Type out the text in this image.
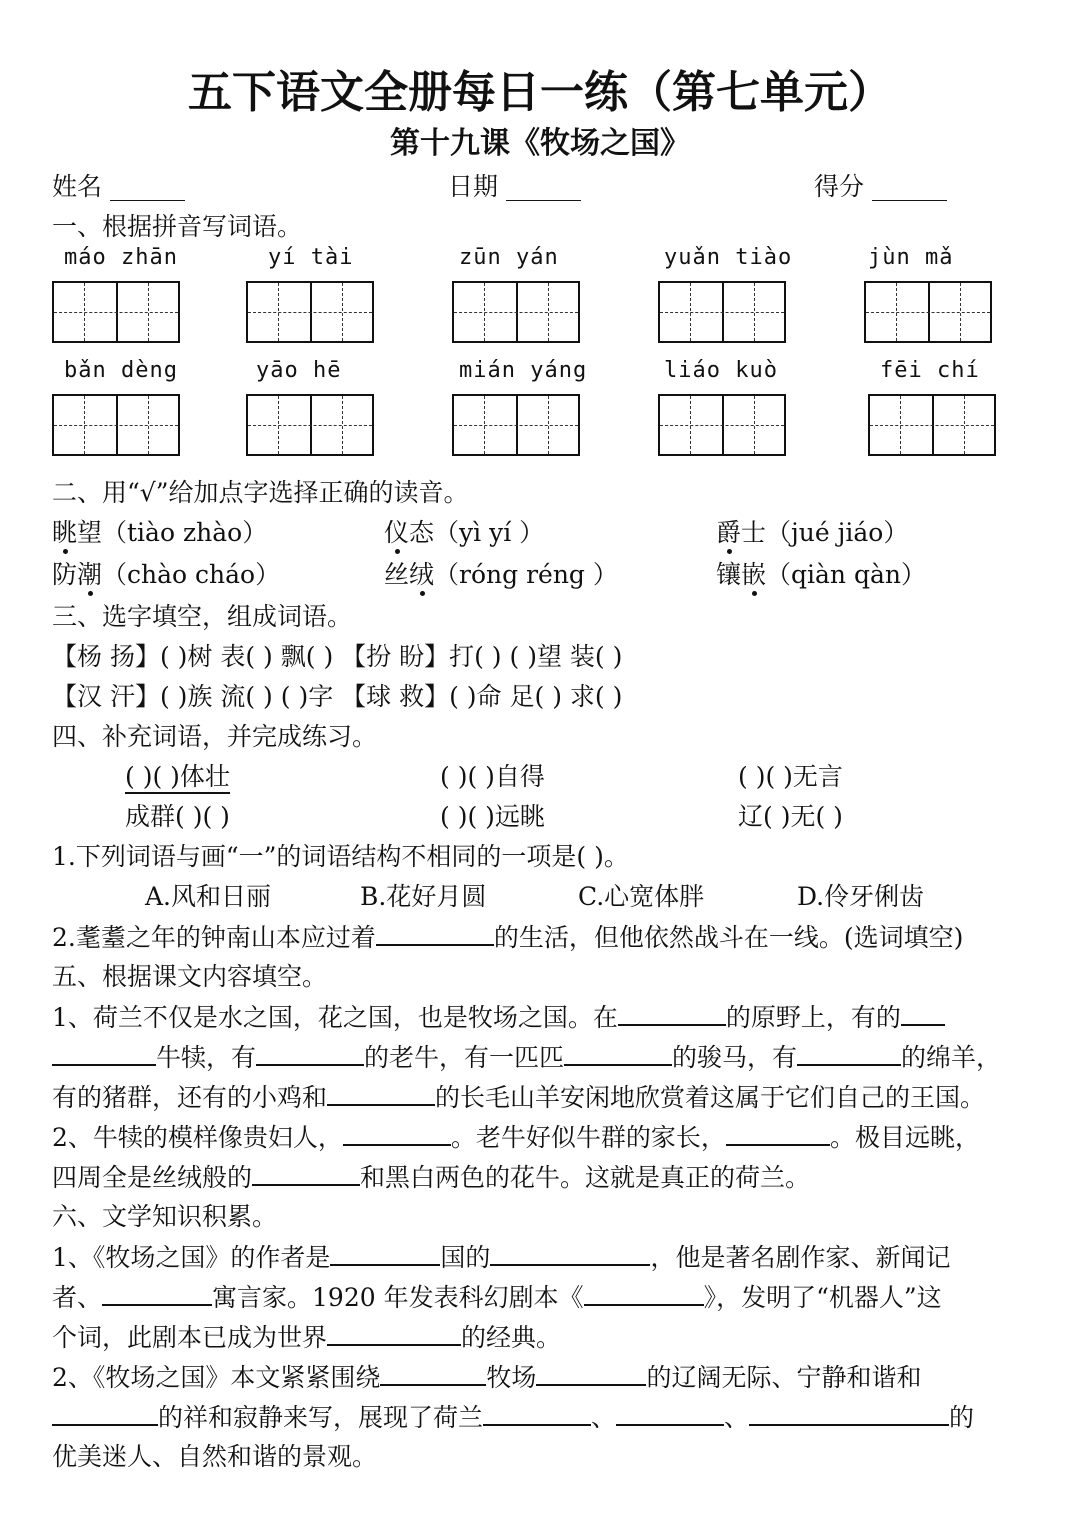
五下语文全册每日一练（第七单元）
第十九课《牧场之国》
姓名 ______	日期 ______	得分 ______
一、根据拼音写词语。
máo zhān	yí tài	zūn yán	yuǎn tiào	jùn mǎ
bǎn dèng	yāo hē	mián yáng	liáo kuò	fēi chí
二、用“√”给加点字选择正确的读音。
眺望（tiào zhào）	仪态（yì yí ）	爵士（jué jiáo）
防潮（chào cháo）	丝绒（róng réng ）	镶嵌（qiàn qàn）
三、选字填空，组成词语。
【杨 扬】( )树 表( ) 飘( ) 【扮 盼】打( ) ( )望 装( )
【汉 汗】( )族 流( ) ( )字 【球 救】( )命 足( ) 求( )
四、补充词语，并完成练习。
( )( )体壮	( )( )自得	( )( )无言
成群( )( )	( )( )远眺	辽( )无( )
1.下列词语与画“一”的词语结构不相同的一项是( )。
A.风和日丽	B.花好月圆	C.心宽体胖	D.伶牙俐齿
2.耄耋之年的钟南山本应过着	的生活，但他依然战斗在一线。(选词填空)
五、根据课文内容填空。
1、荷兰不仅是水之国，花之国，也是牧场之国。在	的原野上，有的
牛犊，有	的老牛，有一匹匹	的骏马，有	的绵羊，
有的猪群，还有的小鸡和	的长毛山羊安闲地欣赏着这属于它们自己的王国。
2、牛犊的模样像贵妇人，	。老牛好似牛群的家长，	。极目远眺，
四周全是丝绒般的	和黑白两色的花牛。这就是真正的荷兰。
六、文学知识积累。
1、《牧场之国》的作者是	国的	，他是著名剧作家、新闻记
者、	寓言家。1920 年发表科幻剧本《	》，发明了“机器人”这
个词，此剧本已成为世界	的经典。
2、《牧场之国》本文紧紧围绕	牧场	的辽阔无际、宁静和谐和
的祥和寂静来写，展现了荷兰	、	、	的
优美迷人、自然和谐的景观。
